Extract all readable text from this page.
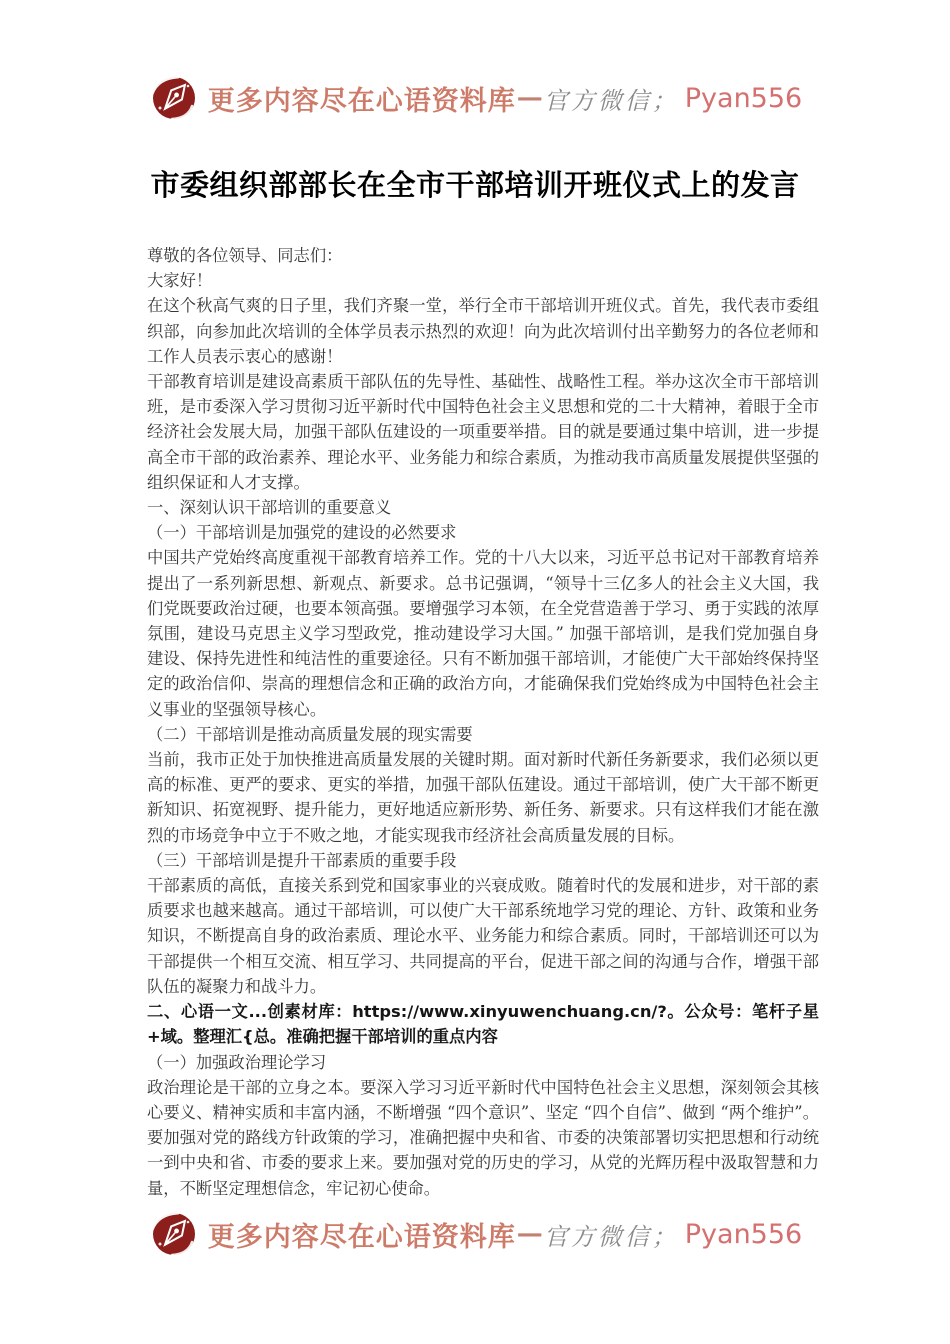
更多内容尽在心语资料库 — 官方微信； Pyan556
市委组织部部长在全市干部培训开班仪式上的发言

尊敬的各位领导、同志们：

大家好！

在这个秋高气爽的日子里，我们齐聚一堂，举行全市干部培训开班仪式。首先，我代表市委组织部，向参加此次培训的全体学员表示热烈的欢迎！向为此次培训付出辛勤努力的各位老师和工作人员表示衷心的感谢！

干部教育培训是建设高素质干部队伍的先导性、基础性、战略性工程。举办这次全市干部培训班，是市委深入学习贯彻习近平新时代中国特色社会主义思想和党的二十大精神，着眼于全市经济社会发展大局，加强干部队伍建设的一项重要举措。目的就是要通过集中培训，进一步提高全市干部的政治素养、理论水平、业务能力和综合素质，为推动我市高质量发展提供坚强的组织保证和人才支撑。

一、深刻认识干部培训的重要意义

（一）干部培训是加强党的建设的必然要求

中国共产党始终高度重视干部教育培养工作。党的十八大以来，习近平总书记对干部教育培养提出了一系列新思想、新观点、新要求。总书记强调，“领导十三亿多人的社会主义大国，我们党既要政治过硬，也要本领高强。要增强学习本领，在全党营造善于学习、勇于实践的浓厚氛围，建设马克思主义学习型政党，推动建设学习大国。” 加强干部培训，是我们党加强自身建设、保持先进性和纯洁性的重要途径。只有不断加强干部培训，才能使广大干部始终保持坚定的政治信仰、崇高的理想信念和正确的政治方向，才能确保我们党始终成为中国特色社会主义事业的坚强领导核心。

（二）干部培训是推动高质量发展的现实需要

当前，我市正处于加快推进高质量发展的关键时期。面对新时代新任务新要求，我们必须以更高的标准、更严的要求、更实的举措，加强干部队伍建设。通过干部培训，使广大干部不断更新知识、拓宽视野、提升能力，更好地适应新形势、新任务、新要求。只有这样我们才能在激烈的市场竞争中立于不败之地，才能实现我市经济社会高质量发展的目标。

（三）干部培训是提升干部素质的重要手段

干部素质的高低，直接关系到党和国家事业的兴衰成败。随着时代的发展和进步，对干部的素质要求也越来越高。通过干部培训，可以使广大干部系统地学习党的理论、方针、政策和业务知识，不断提高自身的政治素质、理论水平、业务能力和综合素质。同时，干部培训还可以为干部提供一个相互交流、相互学习、共同提高的平台，促进干部之间的沟通与合作，增强干部队伍的凝聚力和战斗力。

二、心语一文...创素材库：https://www.xinyuwenchuang.cn/?。公众号：笔杆子星+域。整理汇{总。准确把握干部培训的重点内容

（一）加强政治理论学习

政治理论是干部的立身之本。要深入学习习近平新时代中国特色社会主义思想，深刻领会其核心要义、精神实质和丰富内涵，不断增强 “四个意识”、坚定 “四个自信”、做到 “两个维护”。要加强对党的路线方针政策的学习，准确把握中央和省、市委的决策部署切实把思想和行动统一到中央和省、市委的要求上来。要加强对党的历史的学习，从党的光辉历程中汲取智慧和力量，不断坚定理想信念，牢记初心使命。

更多内容尽在心语资料库 — 官方微信； Pyan556
